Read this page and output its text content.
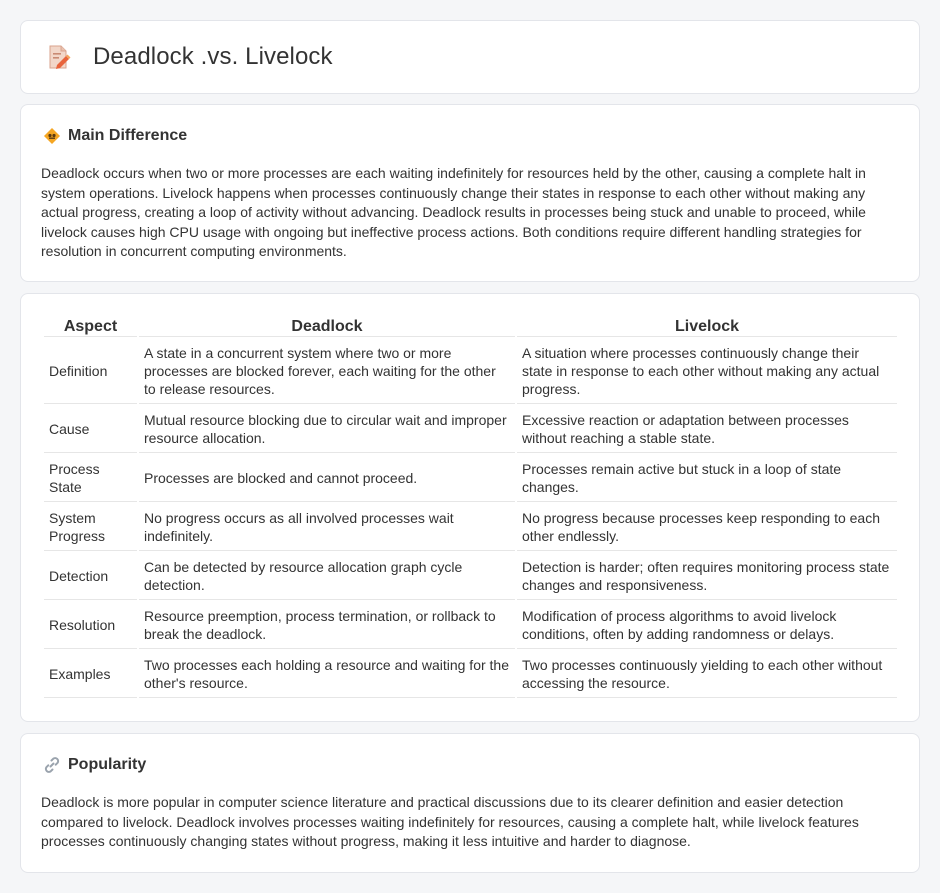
Deadlock .vs. Livelock
Main Difference

Deadlock occurs when two or more processes are each waiting indefinitely for resources held by the other, causing a complete halt in system operations. Livelock happens when processes continuously change their states in response to each other without making any actual progress, creating a loop of activity without advancing. Deadlock results in processes being stuck and unable to proceed, while livelock causes high CPU usage with ongoing but ineffective process actions. Both conditions require different handling strategies for resolution in concurrent computing environments.

Aspect	Deadlock	Livelock
Definition	A state in a concurrent system where two or more processes are blocked forever, each waiting for the other to release resources.	A situation where processes continuously change their state in response to each other without making any actual progress.
Cause	Mutual resource blocking due to circular wait and improper resource allocation.	Excessive reaction or adaptation between processes without reaching a stable state.
Process State	Processes are blocked and cannot proceed.	Processes remain active but stuck in a loop of state changes.
System Progress	No progress occurs as all involved processes wait indefinitely.	No progress because processes keep responding to each other endlessly.
Detection	Can be detected by resource allocation graph cycle detection.	Detection is harder; often requires monitoring process state changes and responsiveness.
Resolution	Resource preemption, process termination, or rollback to break the deadlock.	Modification of process algorithms to avoid livelock conditions, often by adding randomness or delays.
Examples	Two processes each holding a resource and waiting for the other's resource.	Two processes continuously yielding to each other without accessing the resource.
Popularity

Deadlock is more popular in computer science literature and practical discussions due to its clearer definition and easier detection compared to livelock. Deadlock involves processes waiting indefinitely for resources, causing a complete halt, while livelock features processes continuously changing states without progress, making it less intuitive and harder to diagnose.
